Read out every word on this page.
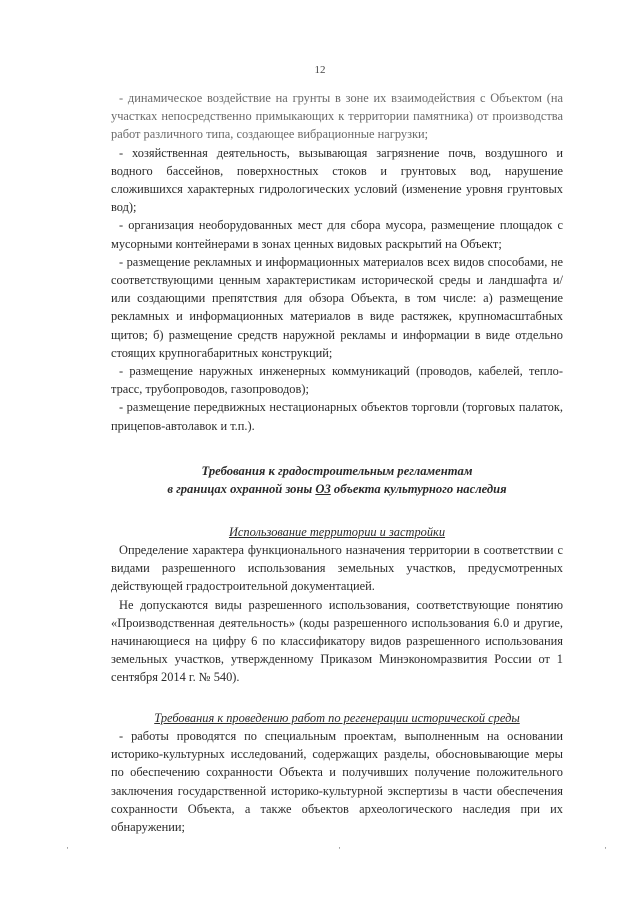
12

- динамическое воздействие на грунты в зоне их взаимодействия с Объектом (на участках непосредственно примыкающих к территории памятника) от производства работ различного типа, создающее вибрационные нагрузки;

- хозяйственная деятельность, вызывающая загрязнение почв, воздушного и водного бассейнов, поверхностных стоков и грунтовых вод, нарушение сложившихся характерных гидрологических условий (изменение уровня грунтовых вод);

- организация необорудованных мест для сбора мусора, размещение площадок с мусорными контейнерами в зонах ценных видовых раскрытий на Объект;

- размещение рекламных и информационных материалов всех видов способами, не соответствующими ценным характеристикам исторической среды и ландшафта и/или создающими препятствия для обзора Объекта, в том числе: а) размещение рекламных и информационных материалов в виде растяжек, крупномасштабных щитов; б) размещение средств наружной рекламы и информации в виде отдельно стоящих крупногабаритных конструкций;

- размещение наружных инженерных коммуникаций (проводов, кабелей, тепло-трасс, трубопроводов, газопроводов);

- размещение передвижных нестационарных объектов торговли (торговых палаток, прицепов-автолавок и т.п.).

Требования к градостроительным регламентам

в границах охранной зоны О3 объекта культурного наследия

Использование территории и застройки

Определение характера функционального назначения территории в соответствии с видами разрешенного использования земельных участков, предусмотренных действующей градостроительной документацией.

Не допускаются виды разрешенного использования, соответствующие понятию «Производственная деятельность» (коды разрешенного использования 6.0 и другие, начинающиеся на цифру 6 по классификатору видов разрешенного использования земельных участков, утвержденному Приказом Минэкономразвития России от 1 сентября 2014 г. № 540).

Требования к проведению работ по регенерации исторической среды

- работы проводятся по специальным проектам, выполненным на основании историко-культурных исследований, содержащих разделы, обосновывающие меры по обеспечению сохранности Объекта и получивших получение положительного заключения государственной историко-культурной экспертизы в части обеспечения сохранности Объекта, а также объектов археологического наследия при их обнаружении;

·	·	·
